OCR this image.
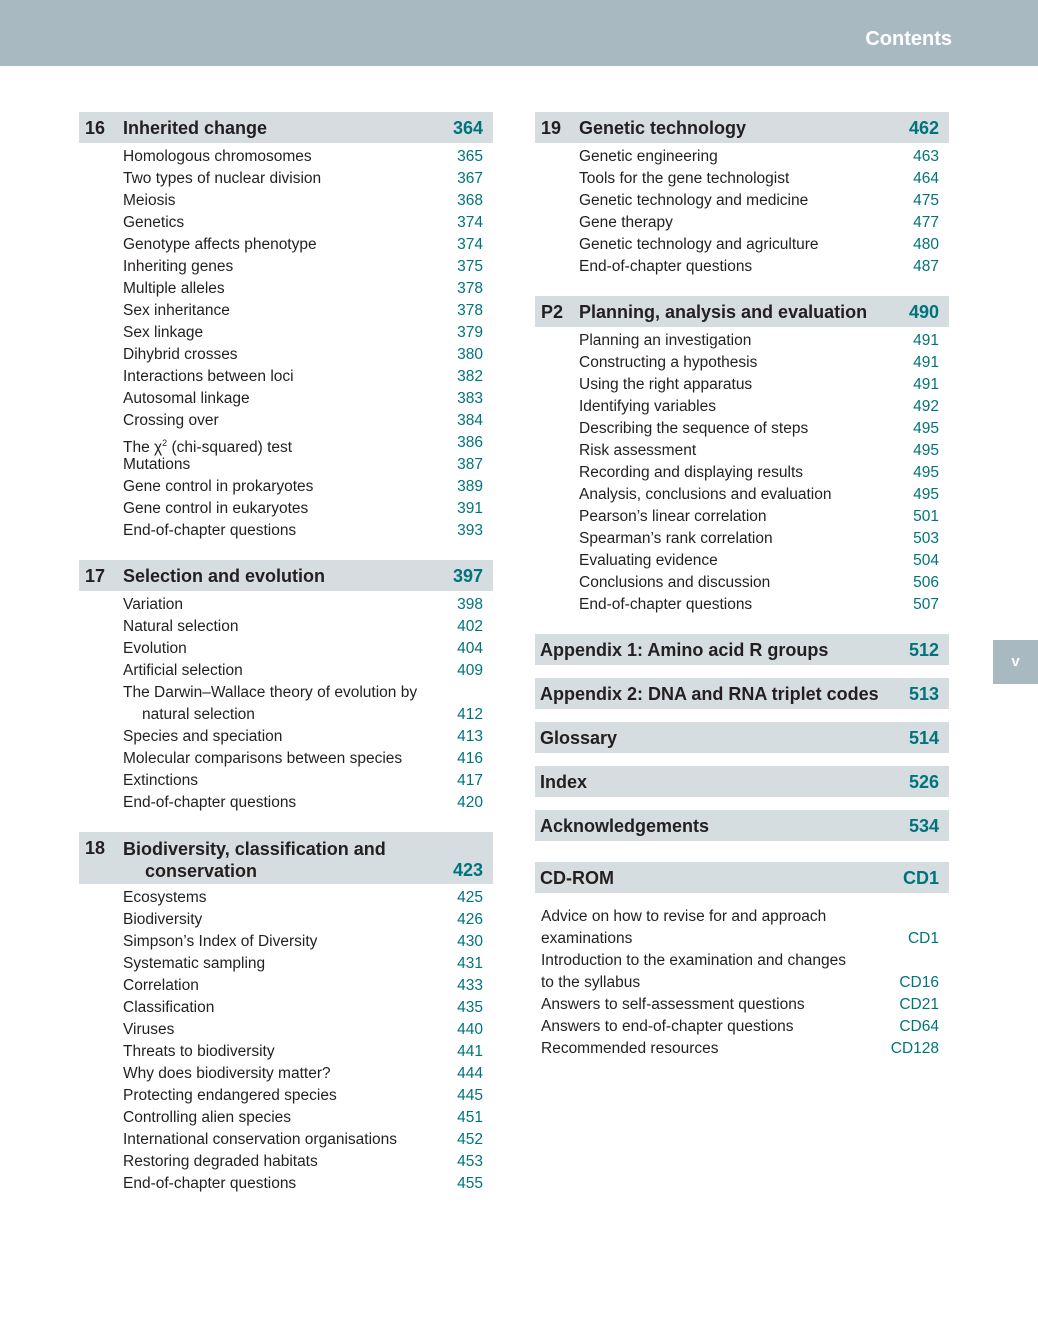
Contents
v
16 Inherited change	364
Homologous chromosomes	365
Two types of nuclear division	367
Meiosis	368
Genetics	374
Genotype affects phenotype	374
Inheriting genes	375
Multiple alleles	378
Sex inheritance	378
Sex linkage	379
Dihybrid crosses	380
Interactions between loci	382
Autosomal linkage	383
Crossing over	384
The $\chi^2$ (chi-squared) test	386
Mutations	387
Gene control in prokaryotes	389
Gene control in eukaryotes	391
End-of-chapter questions	393
17 Selection and evolution	397
Variation	398
Natural selection	402
Evolution	404
Artificial selection	409
The Darwin–Wallace theory of evolution by
natural selection	412
Species and speciation	413
Molecular comparisons between species	416
Extinctions	417
End-of-chapter questions	420
18 Biodiversity, classification and
conservation	423
Ecosystems	425
Biodiversity	426
Simpson’s Index of Diversity	430
Systematic sampling	431
Correlation	433
Classification	435
Viruses	440
Threats to biodiversity	441
Why does biodiversity matter?	444
Protecting endangered species	445
Controlling alien species	451
International conservation organisations	452
Restoring degraded habitats	453
End-of-chapter questions	455
19 Genetic technology	462
Genetic engineering	463
Tools for the gene technologist	464
Genetic technology and medicine	475
Gene therapy	477
Genetic technology and agriculture	480
End-of-chapter questions	487
P2 Planning, analysis and evaluation 490
Planning an investigation	491
Constructing a hypothesis	491
Using the right apparatus	491
Identifying variables	492
Describing the sequence of steps	495
Risk assessment	495
Recording and displaying results	495
Analysis, conclusions and evaluation	495
Pearson’s linear correlation	501
Spearman’s rank correlation	503
Evaluating evidence	504
Conclusions and discussion	506
End-of-chapter questions	507
Appendix 1: Amino acid R groups	512
Appendix 2: DNA and RNA triplet codes 513
Glossary	514
Index	526
Acknowledgements	534
CD-ROM	CD1
Advice on how to revise for and approach
examinations	CD1
Introduction to the examination and changes
to the syllabus	CD16
Answers to self-assessment questions	CD21
Answers to end-of-chapter questions	CD64
Recommended resources	CD128
